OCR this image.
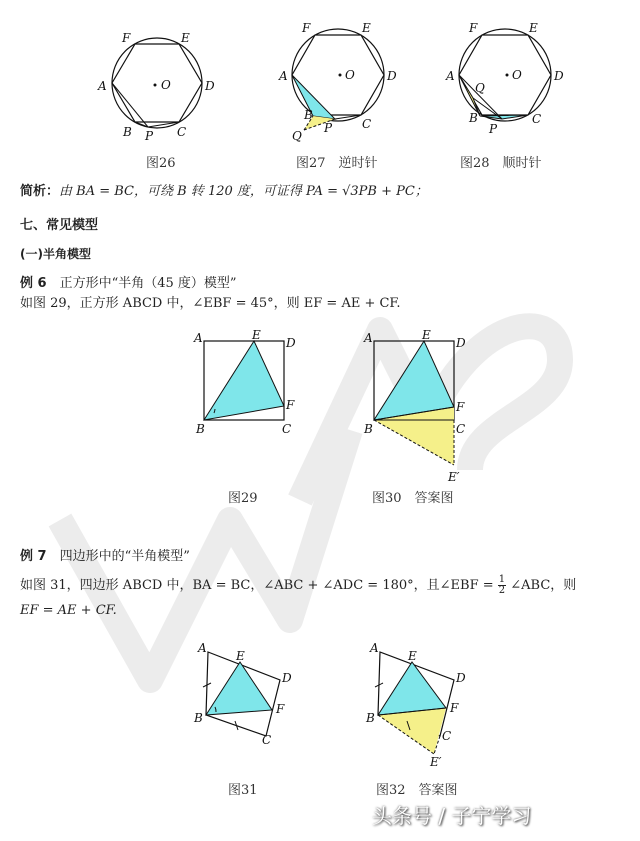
F	E
A	O	D
B P C
图26
F	E
A	O	D
B
P C
Q
图27　逆时针
F	E
A	O	D
Q
B
P
C
图28　顺时针
简析：由 BA = BC，可绕 B 转 120 度，可证得 PA = √3PB + PC；
七、常见模型
(一)半角模型
例 6　 正方形中“半角（45 度）模型”
如图 29，正方形 ABCD 中，∠EBF = 45°，则 EF = AE + CF.
A	E
D
F
B	C
图29
A	E
D
F
B	C
E′
图30　答案图
例 7　 四边形中的“半角模型”
如图 31，四边形 ABCD 中，BA = BC，∠ABC + ∠ADC = 180°，且∠EBF = $\frac{1}{2}$ ∠ABC，则
EF = AE + CF.
A
E
D
F
B
C
图31
A
E
D
F
B
C
E′
图32　答案图
头条号 / 子宁学习
